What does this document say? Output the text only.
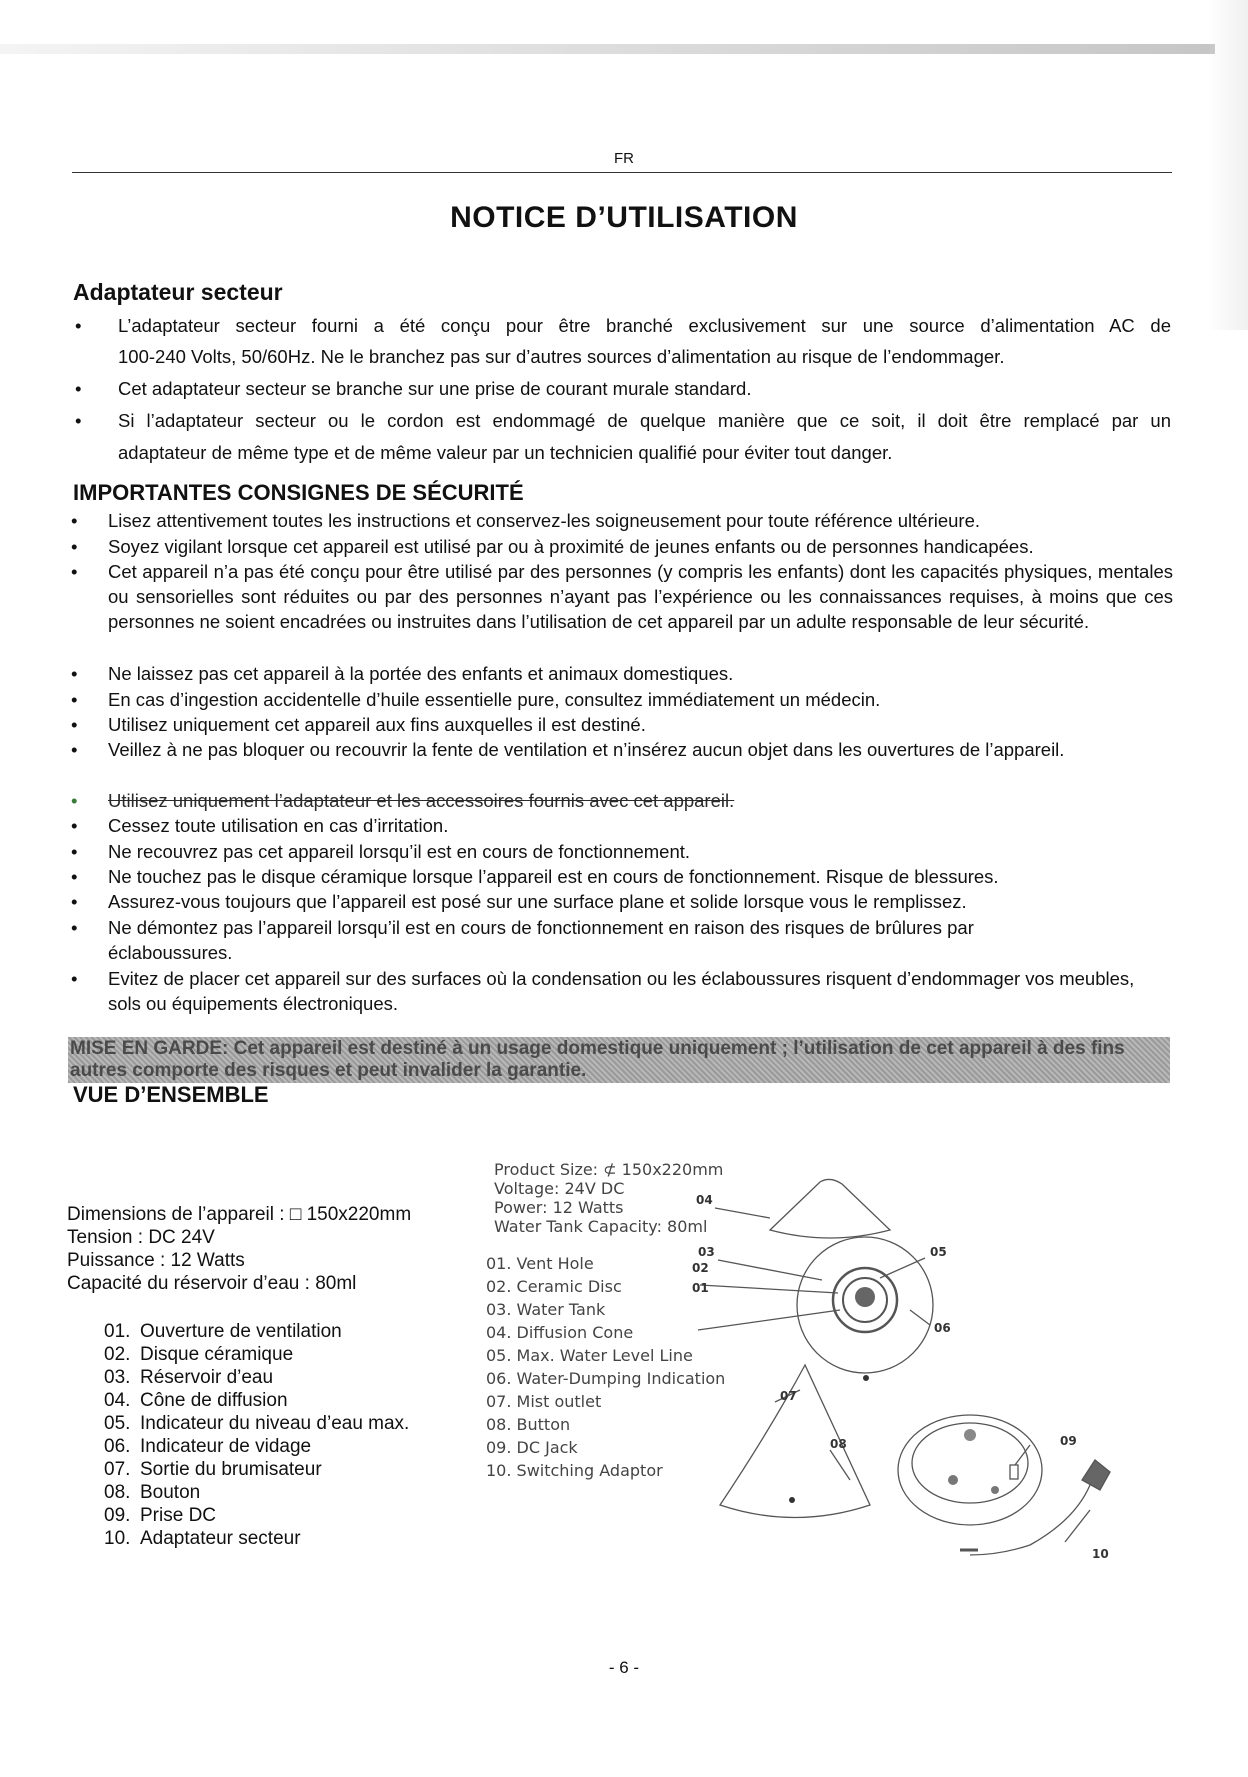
FR
NOTICE D’UTILISATION
Adaptateur secteur
• L’adaptateur secteur fourni a été conçu pour être branché exclusivement sur une source d’alimentation AC de
100-240 Volts, 50/60Hz. Ne le branchez pas sur d’autres sources d’alimentation au risque de l’endommager.
• Cet adaptateur secteur se branche sur une prise de courant murale standard.
• Si l’adaptateur secteur ou le cordon est endommagé de quelque manière que ce soit, il doit être remplacé par un
adaptateur de même type et de même valeur par un technicien qualifié pour éviter tout danger.
IMPORTANTES CONSIGNES DE SÉCURITÉ
• Lisez attentivement toutes les instructions et conservez-les soigneusement pour toute référence ultérieure.
• Soyez vigilant lorsque cet appareil est utilisé par ou à proximité de jeunes enfants ou de personnes handicapées.
• Cet appareil n’a pas été conçu pour être utilisé par des personnes (y compris les enfants) dont les capacités physiques, mentales ou sensorielles sont réduites ou par des personnes n’ayant pas l’expérience ou les connaissances requises, à moins que ces personnes ne soient encadrées ou instruites dans l’utilisation de cet appareil par un adulte responsable de leur sécurité.
• Ne laissez pas cet appareil à la portée des enfants et animaux domestiques.
• En cas d’ingestion accidentelle d’huile essentielle pure, consultez immédiatement un médecin.
• Utilisez uniquement cet appareil aux fins auxquelles il est destiné.
• Veillez à ne pas bloquer ou recouvrir la fente de ventilation et n’insérez aucun objet dans les ouvertures de l’appareil.
• Utilisez uniquement l’adaptateur et les accessoires fournis avec cet appareil.
• Cessez toute utilisation en cas d’irritation.
• Ne recouvrez pas cet appareil lorsqu’il est en cours de fonctionnement.
• Ne touchez pas le disque céramique lorsque l’appareil est en cours de fonctionnement. Risque de blessures.
• Assurez-vous toujours que l’appareil est posé sur une surface plane et solide lorsque vous le remplissez.
• Ne démontez pas l’appareil lorsqu’il est en cours de fonctionnement en raison des risques de brûlures par éclaboussures.
• Evitez de placer cet appareil sur des surfaces où la condensation ou les éclaboussures risquent d’endommager vos meubles, sols ou équipements électroniques.
MISE EN GARDE: Cet appareil est destiné à un usage domestique uniquement ; l’utilisation de cet appareil à des fins autres comporte des risques et peut invalider la garantie.
VUE D’ENSEMBLE
Dimensions de l’appareil : □ 150x220mm
Tension : DC 24V
Puissance : 12 Watts
Capacité du réservoir d’eau : 80ml
01. Ouverture de ventilation
02. Disque céramique
03. Réservoir d’eau
04. Cône de diffusion
05. Indicateur du niveau d’eau max.
06. Indicateur de vidage
07. Sortie du brumisateur
08. Bouton
09. Prise DC
10. Adaptateur secteur
Product Size: ⊄ 150x220mm
Voltage: 24V DC
Power: 12 Watts
Water Tank Capacity: 80ml
01. Vent Hole
02. Ceramic Disc
03. Water Tank
04. Diffusion Cone
05. Max. Water Level Line
06. Water-Dumping Indication
07. Mist outlet
08. Button
09. DC Jack
10. Switching Adaptor
01
02
03
04
05
06
07
08	09
10
- 6 -
